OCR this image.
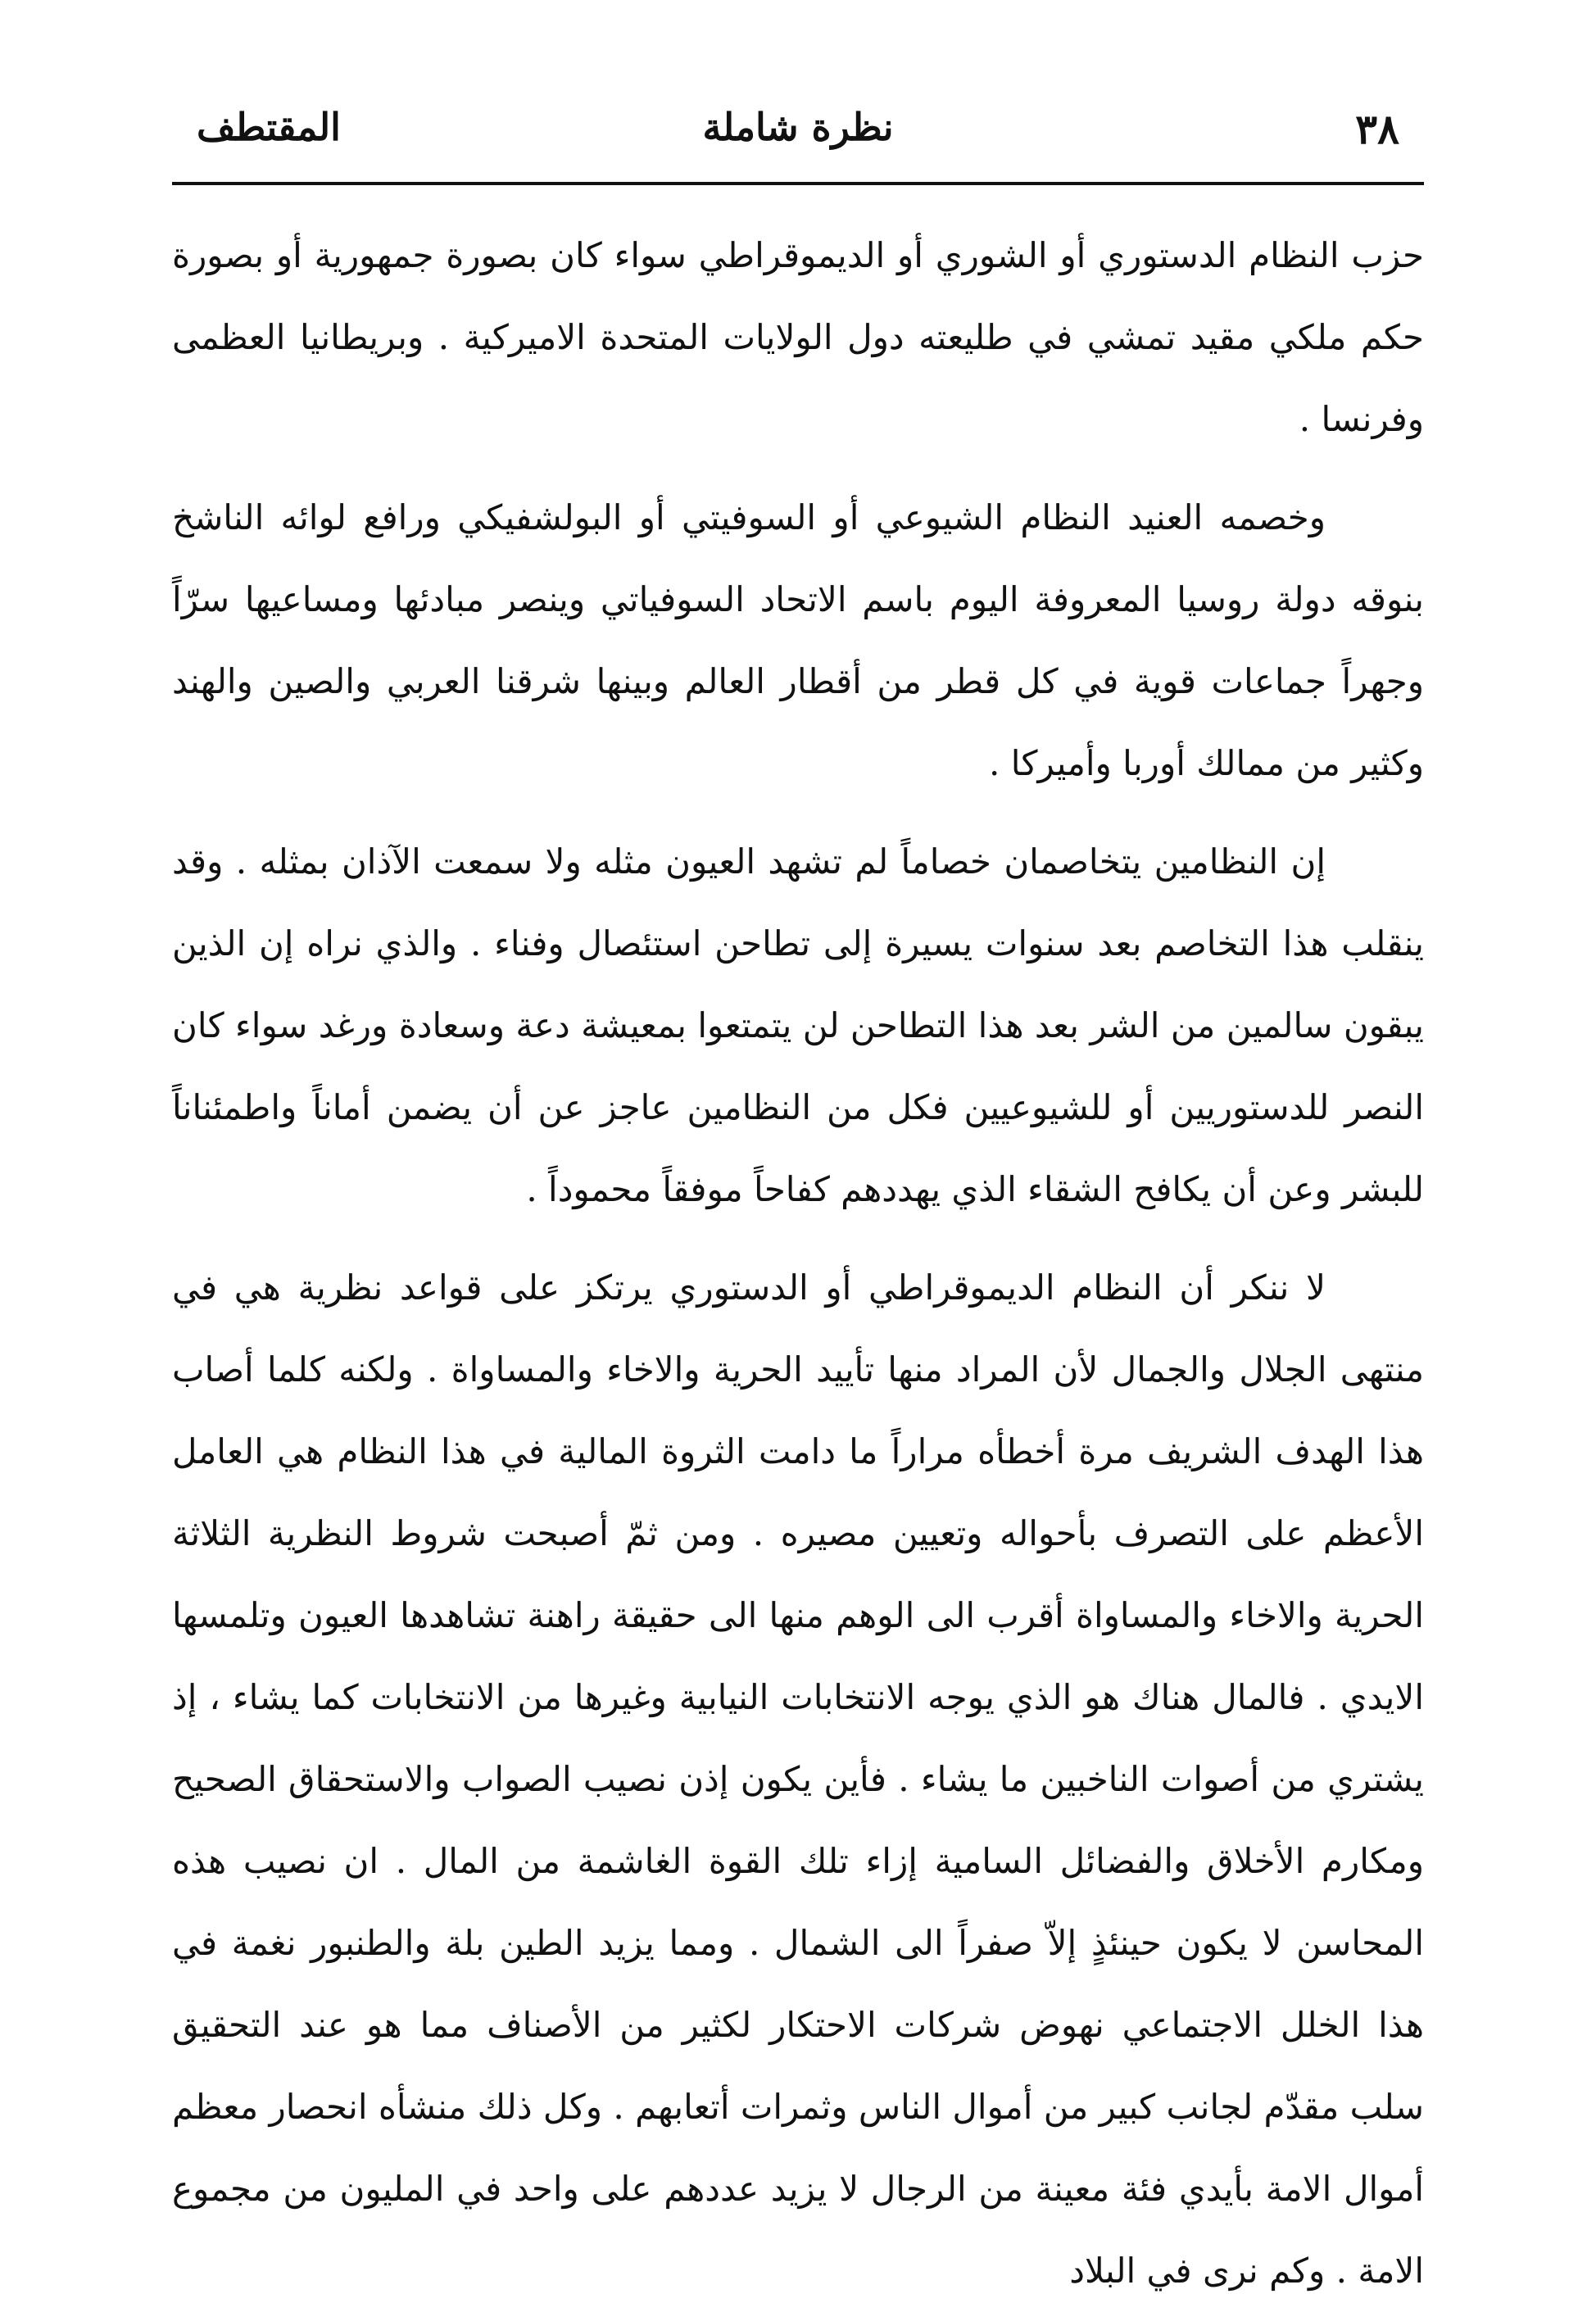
٣٨
نظرة شاملة
المقتطف

حزب النظام الدستوري أو الشوري أو الديموقراطي سواء كان بصورة جمهورية أو بصورة حكم ملكي مقيد تمشي في طليعته دول الولايات المتحدة الاميركية . وبريطانيا العظمى وفرنسا .

وخصمه العنيد النظام الشيوعي أو السوفيتي أو البولشفيكي ورافع لوائه الناشخ بنوقه دولة روسيا المعروفة اليوم باسم الاتحاد السوفياتي وينصر مبادئها ومساعيها سرّاً وجهراً جماعات قوية في كل قطر من أقطار العالم وبينها شرقنا العربي والصين والهند وكثير من ممالك أوربا وأميركا .

إن النظامين يتخاصمان خصاماً لم تشهد العيون مثله ولا سمعت الآذان بمثله . وقد ينقلب هذا التخاصم بعد سنوات يسيرة إلى تطاحن استئصال وفناء . والذي نراه إن الذين يبقون سالمين من الشر بعد هذا التطاحن لن يتمتعوا بمعيشة دعة وسعادة ورغد سواء كان النصر للدستوريين أو للشيوعيين فكل من النظامين عاجز عن أن يضمن أماناً واطمئناناً للبشر وعن أن يكافح الشقاء الذي يهددهم كفاحاً موفقاً محموداً .

لا ننكر أن النظام الديموقراطي أو الدستوري يرتكز على قواعد نظرية هي في منتهى الجلال والجمال لأن المراد منها تأييد الحرية والاخاء والمساواة . ولكنه كلما أصاب هذا الهدف الشريف مرة أخطأه مراراً ما دامت الثروة المالية في هذا النظام هي العامل الأعظم على التصرف بأحواله وتعيين مصيره . ومن ثمّ أصبحت شروط النظرية الثلاثة الحرية والاخاء والمساواة أقرب الى الوهم منها الى حقيقة راهنة تشاهدها العيون وتلمسها الايدي . فالمال هناك هو الذي يوجه الانتخابات النيابية وغيرها من الانتخابات كما يشاء ، إذ يشتري من أصوات الناخبين ما يشاء . فأين يكون إذن نصيب الصواب والاستحقاق الصحيح ومكارم الأخلاق والفضائل السامية إزاء تلك القوة الغاشمة من المال . ان نصيب هذه المحاسن لا يكون حينئذٍ إلاّ صفراً الى الشمال . ومما يزيد الطين بلة والطنبور نغمة في هذا الخلل الاجتماعي نهوض شركات الاحتكار لكثير من الأصناف مما هو عند التحقيق سلب مقدّم لجانب كبير من أموال الناس وثمرات أتعابهم . وكل ذلك منشأه انحصار معظم أموال الامة بأيدي فئة معينة من الرجال لا يزيد عددهم على واحد في المليون من مجموع الامة . وكم نرى في البلاد
